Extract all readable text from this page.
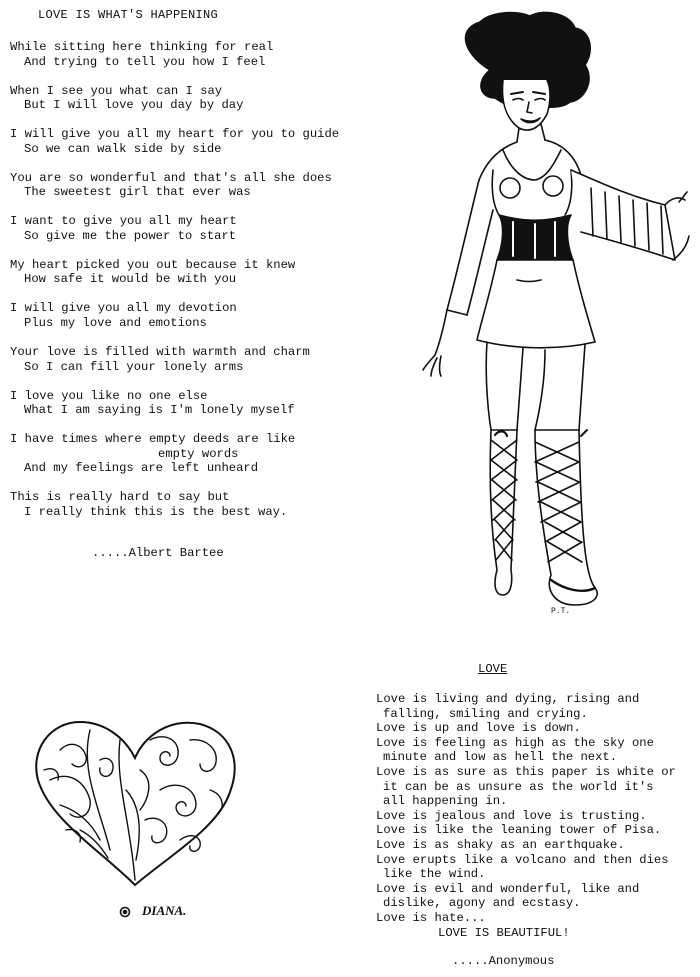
LOVE IS WHAT'S HAPPENING
While sitting here thinking for real
And trying to tell you how I feel
When I see you what can I say
But I will love you day by day
I will give you all my heart for you to guide
So we can walk side by side
You are so wonderful and that's all she does
The sweetest girl that ever was
I want to give you all my heart
So give me the power to start
My heart picked you out because it knew
How safe it would be with you
I will give you all my devotion
Plus my love and emotions
Your love is filled with warmth and charm
So I can fill your lonely arms
I love you like no one else
What I am saying is I'm lonely myself
I have times where empty deeds are like
empty words
And my feelings are left unheard
This is really hard to say but
I really think this is the best way.
.....Albert Bartee
P.T.
DIANA.
LOVE
Love is living and dying, rising and
falling, smiling and crying.
Love is up and love is down.
Love is feeling as high as the sky one
minute and low as hell the next.
Love is as sure as this paper is white or
it can be as unsure as the world it's
all happening in.
Love is jealous and love is trusting.
Love is like the leaning tower of Pisa.
Love is as shaky as an earthquake.
Love erupts like a volcano and then dies
like the wind.
Love is evil and wonderful, like and
dislike, agony and ecstasy.
Love is hate...
LOVE IS BEAUTIFUL!
.....Anonymous
